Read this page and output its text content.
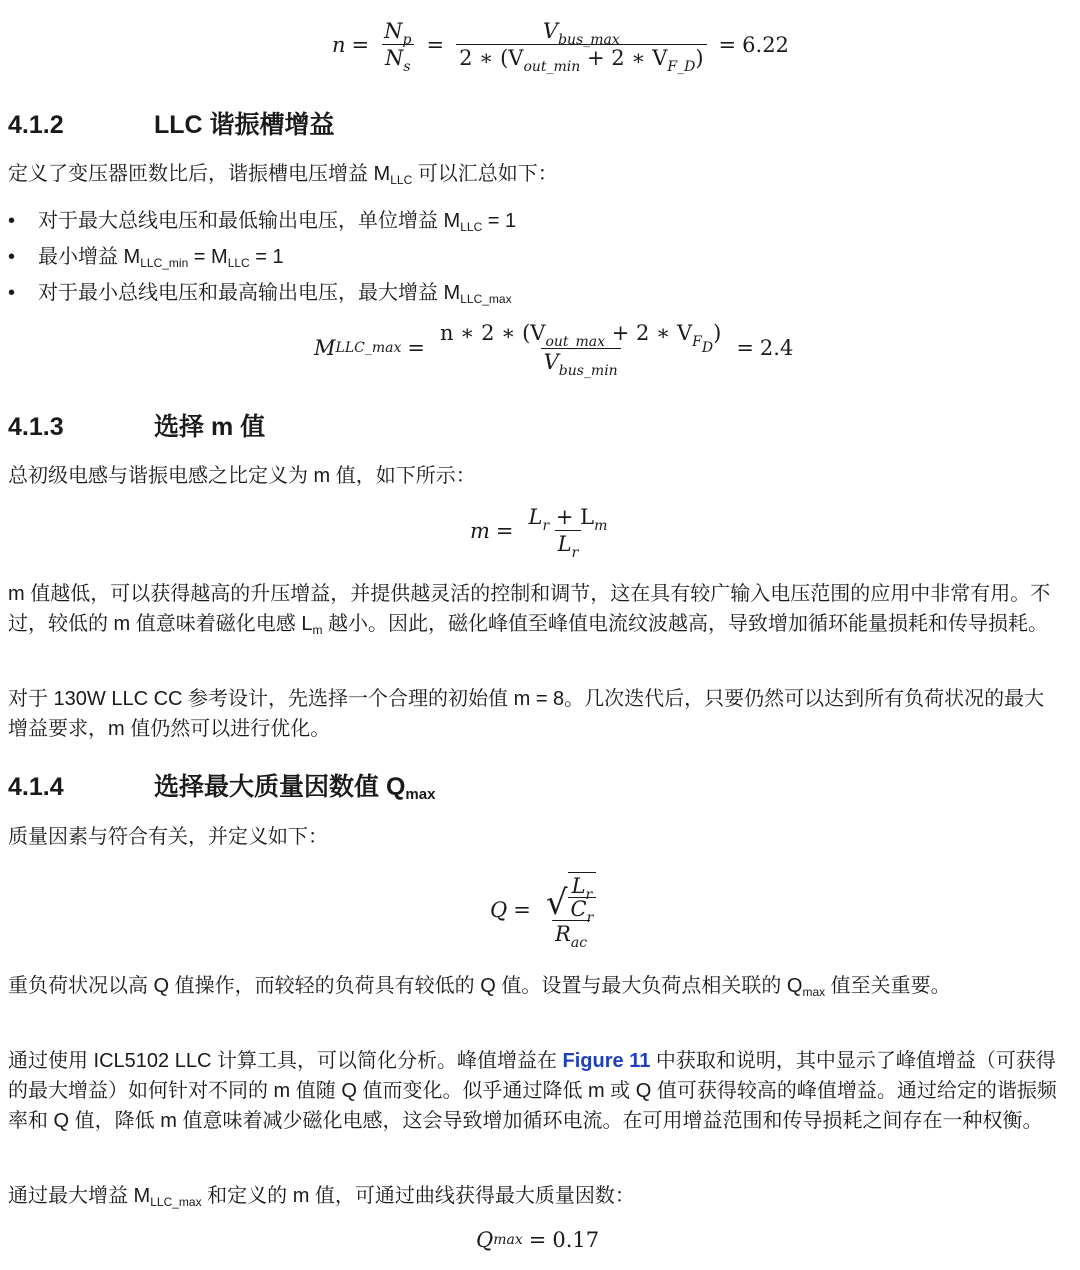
$n = \frac{N_p}{N_s} = \frac{V_{bus\_max}}{2 ∗ (V_{out\_min} + 2 ∗ V_{F\_D})} = 6.22$
4.1.2	LLC 谐振槽增益

定义了变压器匝数比后，谐振槽电压增益 $M_{LLC}$ 可以汇总如下：

• 对于最大总线电压和最低输出电压，单位增益 $M_{LLC} = 1$
• 最小增益 $M_{LLC\_min} = M_{LLC} = 1$
• 对于最小总线电压和最高输出电压，最大增益 $M_{LLC\_max}$
M LLC_max = $\frac{n ∗ 2 ∗ (V_{out\_max} + 2 ∗ V_{F_D})}{V_{bus\_min}} = 2.4$
4.1.3	选择 m 值

总初级电感与谐振电感之比定义为 m 值，如下所示：

$m = \frac{L_r + L_m}{L_r}$

m 值越低，可以获得越高的升压增益，并提供越灵活的控制和调节，这在具有较广输入电压范围的应用中非常有用。不过，较低的 m 值意味着磁化电感 $L_m$ 越小。因此，磁化峰值至峰值电流纹波越高，导致增加循环能量损耗和传导损耗。

对于 130W LLC CC 参考设计，先选择一个合理的初始值 m = 8。几次迭代后，只要仍然可以达到所有负荷状况的最大增益要求，m 值仍然可以进行优化。

4.1.4	选择最大质量因数值 $Q_{max}$

质量因素与符合有关，并定义如下：

$Q = \frac{√ \frac{L_r}{C_r}}{R_{ac}}$

重负荷状况以高 Q 值操作，而较轻的负荷具有较低的 Q 值。设置与最大负荷点相关联的 $Q_{max}$ 值至关重要。

通过使用 ICL5102 LLC 计算工具，可以简化分析。峰值增益在 Figure 11 中获取和说明，其中显示了峰值增益（可获得的最大增益）如何针对不同的 m 值随 Q 值而变化。似乎通过降低 m 或 Q 值可获得较高的峰值增益。通过给定的谐振频率和 Q 值，降低 m 值意味着减少磁化电感，这会导致增加循环电流。在可用增益范围和传导损耗之间存在一种权衡。

通过最大增益 $M_{LLC\_max}$ 和定义的 m 值，可通过曲线获得最大质量因数：

Q max = 0.17
